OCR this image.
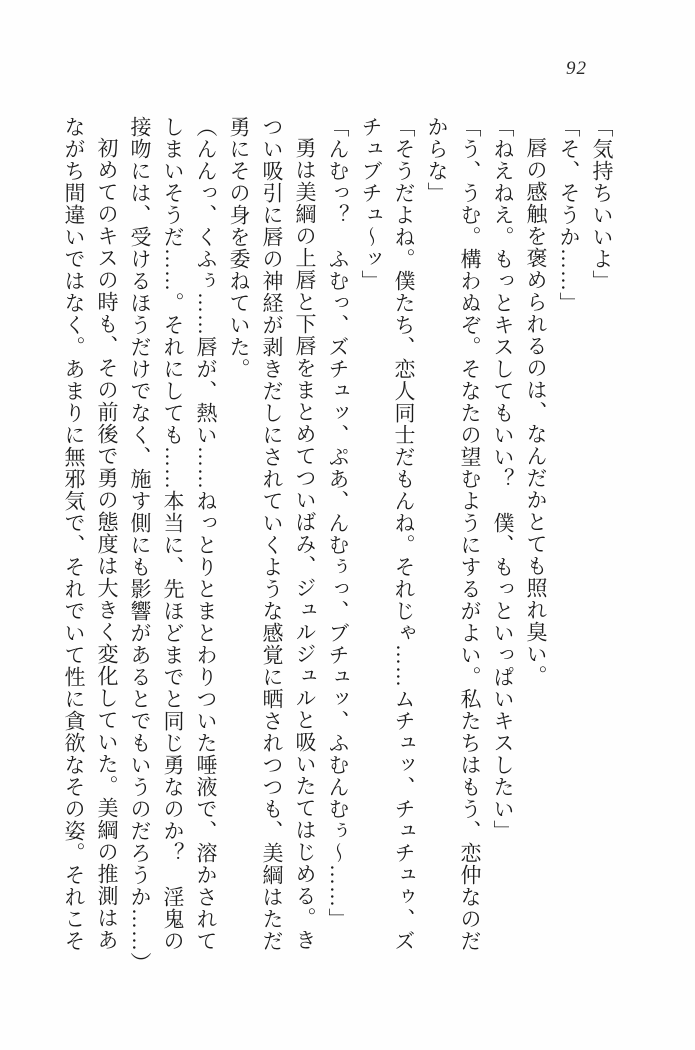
92
「気持ちいいよ」
「そ、そうか……」
唇の感触を褒められるのは、なんだかとても照れ臭い。
「ねえねえ。もっとキスしてもいい？　僕、もっといっぱいキスしたい」
「う、うむ。構わぬぞ。そなたの望むようにするがよい。私たちはもう、恋仲なのだ
からな」
「そうだよね。僕たち、恋人同士だもんね。それじゃ……ムチュッ、チュチュゥ、ズ
チュブチュ～ッ」
「んむっ？　ふむっ、ズチュッ、ぷあ、んむぅっ、ブチュッ、ふむんむぅ～……」
勇は美綱の上唇と下唇をまとめてついばみ、ジュルジュルと吸いたてはじめる。き
つい吸引に唇の神経が剥きだしにされていくような感覚に晒されつつも、美綱はただ
勇にその身を委ねていた。
（んんっ、くふぅ……唇が、熱い……ねっとりとまとわりついた唾液で、溶かされて
しまいそうだ……。それにしても……本当に、先ほどまでと同じ勇なのか？　淫鬼の
接吻には、受けるほうだけでなく、施す側にも影響があるとでもいうのだろうか……）
初めてのキスの時も、その前後で勇の態度は大きく変化していた。美綱の推測はあ
ながち間違いではなく。あまりに無邪気で、それでいて性に貪欲なその姿。それこそ
